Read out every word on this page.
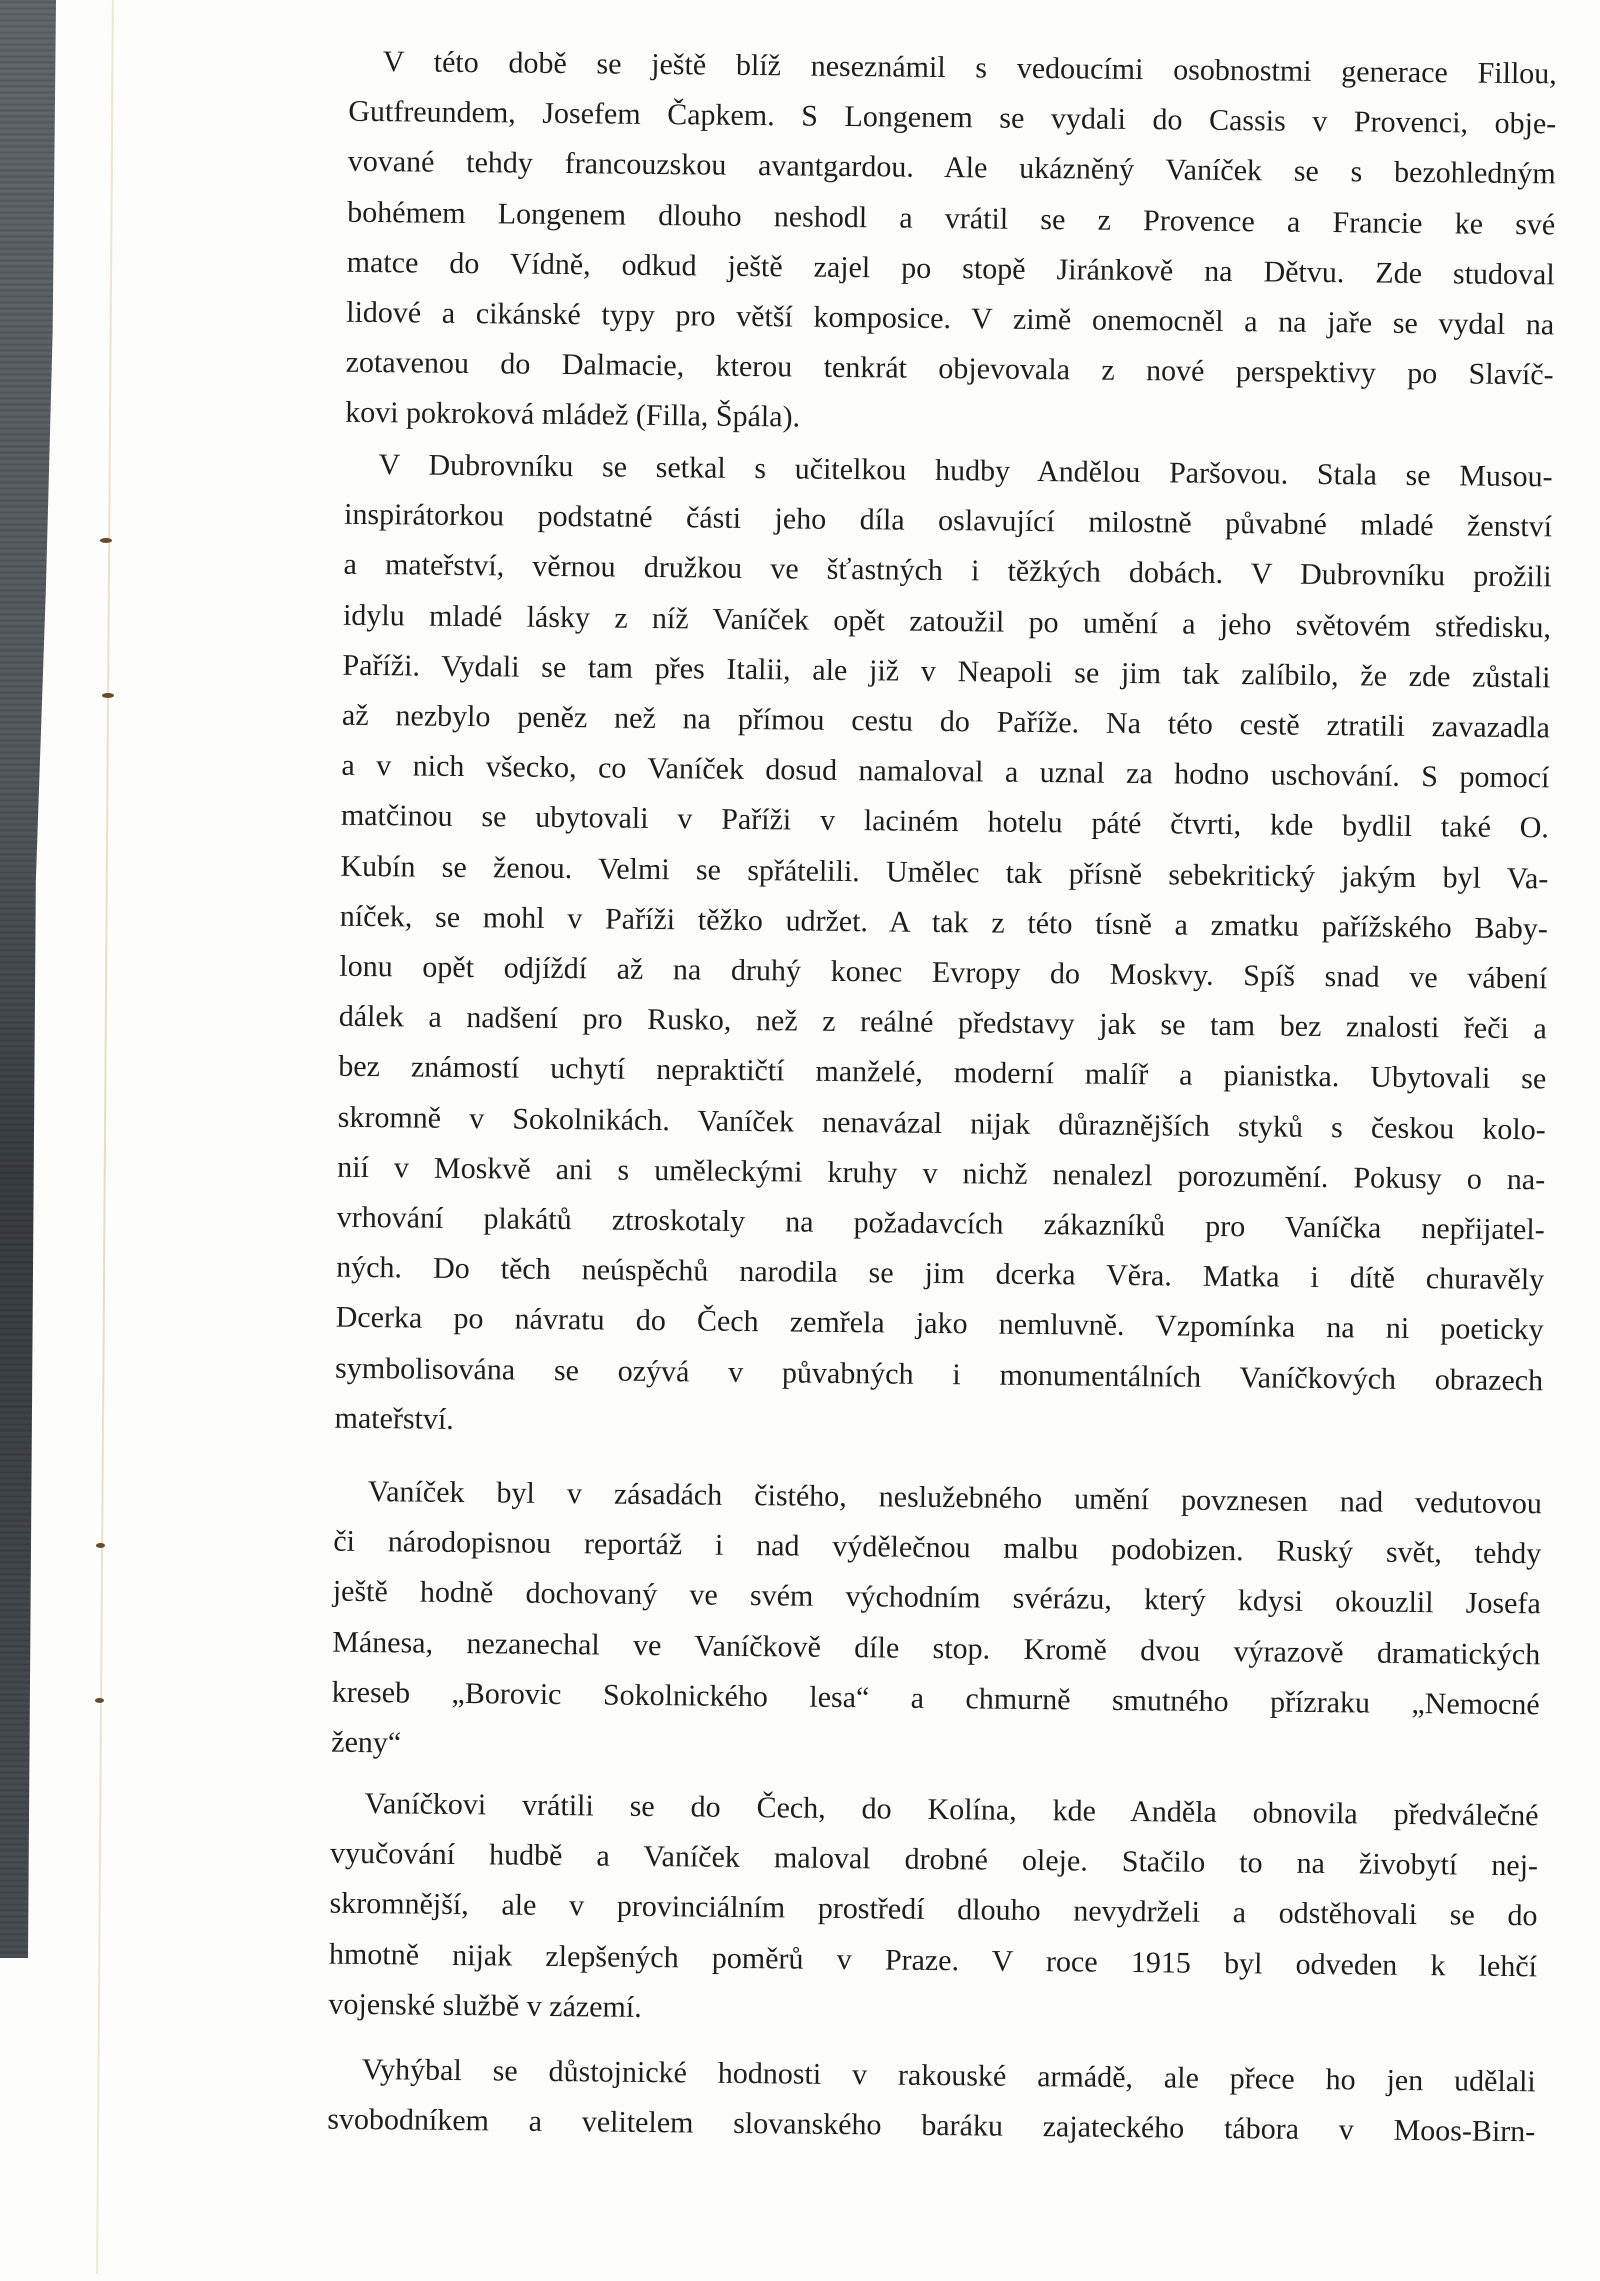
V této době se ještě blíž neseznámil s vedoucími osobnostmi generace Fillou,
Gutfreundem, Josefem Čapkem. S Longenem se vydali do Cassis v Provenci, obje-
vované tehdy francouzskou avantgardou. Ale ukázněný Vaníček se s bezohledným
bohémem Longenem dlouho neshodl a vrátil se z Provence a Francie ke své
matce do Vídně, odkud ještě zajel po stopě Jiránkově na Dětvu. Zde studoval
lidové a cikánské typy pro větší komposice. V zimě onemocněl a na jaře se vydal na
zotavenou do Dalmacie, kterou tenkrát objevovala z nové perspektivy po Slavíč-
kovi pokroková mládež (Filla, Špála).
V Dubrovníku se setkal s učitelkou hudby Andělou Paršovou. Stala se Musou-
inspirátorkou podstatné části jeho díla oslavující milostně půvabné mladé ženství
a mateřství, věrnou družkou ve šťastných i těžkých dobách. V Dubrovníku prožili
idylu mladé lásky z níž Vaníček opět zatoužil po umění a jeho světovém středisku,
Paříži. Vydali se tam přes Italii, ale již v Neapoli se jim tak zalíbilo, že zde zůstali
až nezbylo peněz než na přímou cestu do Paříže. Na této cestě ztratili zavazadla
a v nich všecko, co Vaníček dosud namaloval a uznal za hodno uschování. S pomocí
matčinou se ubytovali v Paříži v laciném hotelu páté čtvrti, kde bydlil také O.
Kubín se ženou. Velmi se spřátelili. Umělec tak přísně sebekritický jakým byl Va-
níček, se mohl v Paříži těžko udržet. A tak z této tísně a zmatku pařížského Baby-
lonu opět odjíždí až na druhý konec Evropy do Moskvy. Spíš snad ve vábení
dálek a nadšení pro Rusko, než z reálné představy jak se tam bez znalosti řeči a
bez známostí uchytí nepraktičtí manželé, moderní malíř a pianistka. Ubytovali se
skromně v Sokolnikách. Vaníček nenavázal nijak důraznějších styků s českou kolo-
nií v Moskvě ani s uměleckými kruhy v nichž nenalezl porozumění. Pokusy o na-
vrhování plakátů ztroskotaly na požadavcích zákazníků pro Vaníčka nepřijatel-
ných. Do těch neúspěchů narodila se jim dcerka Věra. Matka i dítě churavěly
Dcerka po návratu do Čech zemřela jako nemluvně. Vzpomínka na ni poeticky
symbolisována se ozývá v půvabných i monumentálních Vaníčkových obrazech
mateřství.
Vaníček byl v zásadách čistého, neslužebného umění povznesen nad vedutovou
či národopisnou reportáž i nad výdělečnou malbu podobizen. Ruský svět, tehdy
ještě hodně dochovaný ve svém východním svérázu, který kdysi okouzlil Josefa
Mánesa, nezanechal ve Vaníčkově díle stop. Kromě dvou výrazově dramatických
kreseb „Borovic Sokolnického lesa“ a chmurně smutného přízraku „Nemocné
ženy“
Vaníčkovi vrátili se do Čech, do Kolína, kde Anděla obnovila předválečné
vyučování hudbě a Vaníček maloval drobné oleje. Stačilo to na živobytí nej-
skromnější, ale v provinciálním prostředí dlouho nevydrželi a odstěhovali se do
hmotně nijak zlepšených poměrů v Praze. V roce 1915 byl odveden k lehčí
vojenské službě v zázemí.
Vyhýbal se důstojnické hodnosti v rakouské armádě, ale přece ho jen udělali
svobodníkem a velitelem slovanského baráku zajateckého tábora v Moos-Birn-
